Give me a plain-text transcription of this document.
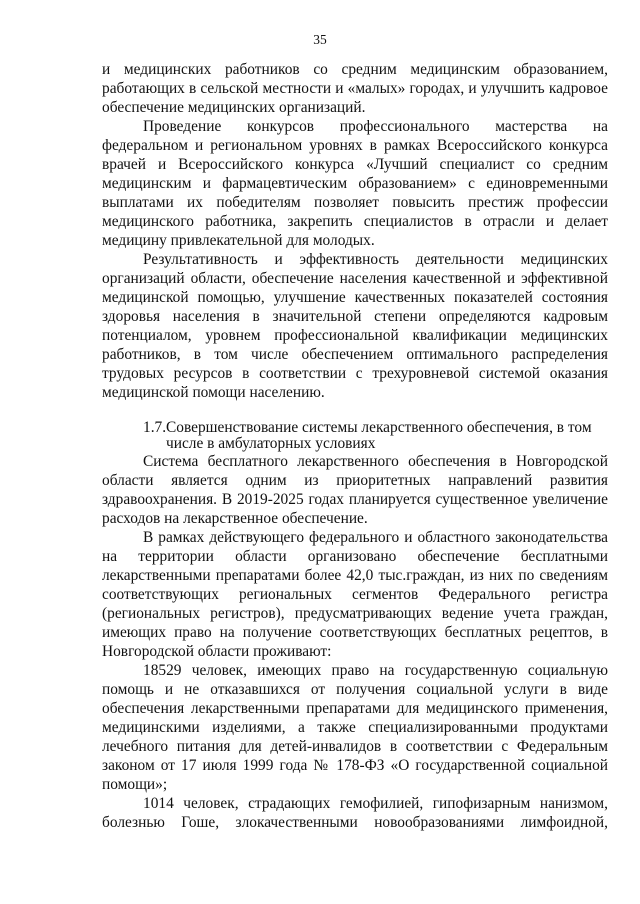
35

и медицинских работников со средним медицинским образованием, работающих в сельской местности и «малых» городах, и улучшить кадровое обеспечение медицинских организаций.

Проведение конкурсов профессионального мастерства на федеральном и региональном уровнях в рамках Всероссийского конкурса врачей и Всероссийского конкурса «Лучший специалист со средним медицинским и фармацевтическим образованием» с единовременными выплатами их победителям позволяет повысить престиж профессии медицинского работника, закрепить специалистов в отрасли и делает медицину привлекательной для молодых.

Результативность и эффективность деятельности медицинских организаций области, обеспечение населения качественной и эффективной медицинской помощью, улучшение качественных показателей состояния здоровья населения в значительной степени определяются кадровым потенциалом, уровнем профессиональной квалификации медицинских работников, в том числе обеспечением оптимального распределения трудовых ресурсов в соответствии с трехуровневой системой оказания медицинской помощи населению.

1.7. Совершенствование системы лекарственного обеспечения, в том числе в амбулаторных условиях

Система бесплатного лекарственного обеспечения в Новгородской области является одним из приоритетных направлений развития здравоохранения. В 2019-2025 годах планируется существенное увеличение расходов на лекарственное обеспечение.

В рамках действующего федерального и областного законодательства на территории области организовано обеспечение бесплатными лекарственными препаратами более 42,0 тыс.граждан, из них по сведениям соответствующих региональных сегментов Федерального регистра (региональных регистров), предусматривающих ведение учета граждан, имеющих право на получение соответствующих бесплатных рецептов, в Новгородской области проживают:

18529 человек, имеющих право на государственную социальную помощь и не отказавшихся от получения социальной услуги в виде обеспечения лекарственными препаратами для медицинского применения, медицинскими изделиями, а также специализированными продуктами лечебного питания для детей-инвалидов в соответствии с Федеральным законом от 17 июля 1999 года № 178-ФЗ «О государственной социальной помощи»;

1014 человек, страдающих гемофилией, гипофизарным нанизмом, болезнью Гоше, злокачественными новообразованиями лимфоидной,
